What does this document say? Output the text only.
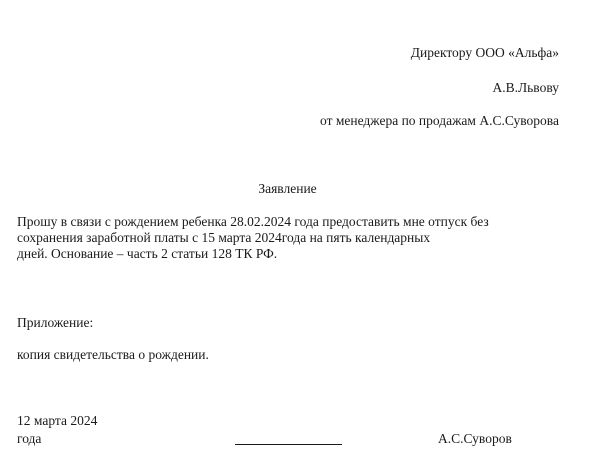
Директору ООО «Альфа»
А.В.Львову
от менеджера по продажам А.С.Суворова
Заявление
Прошу в связи с рождением ребенка 28.02.2024 года предоставить мне отпуск без
сохранения заработной платы с 15 марта 2024года на пять календарных
дней. Основание – часть 2 статьи 128 ТК РФ.
Приложение:
копия свидетельства о рождении.
12 марта 2024
года	А.С.Суворов
